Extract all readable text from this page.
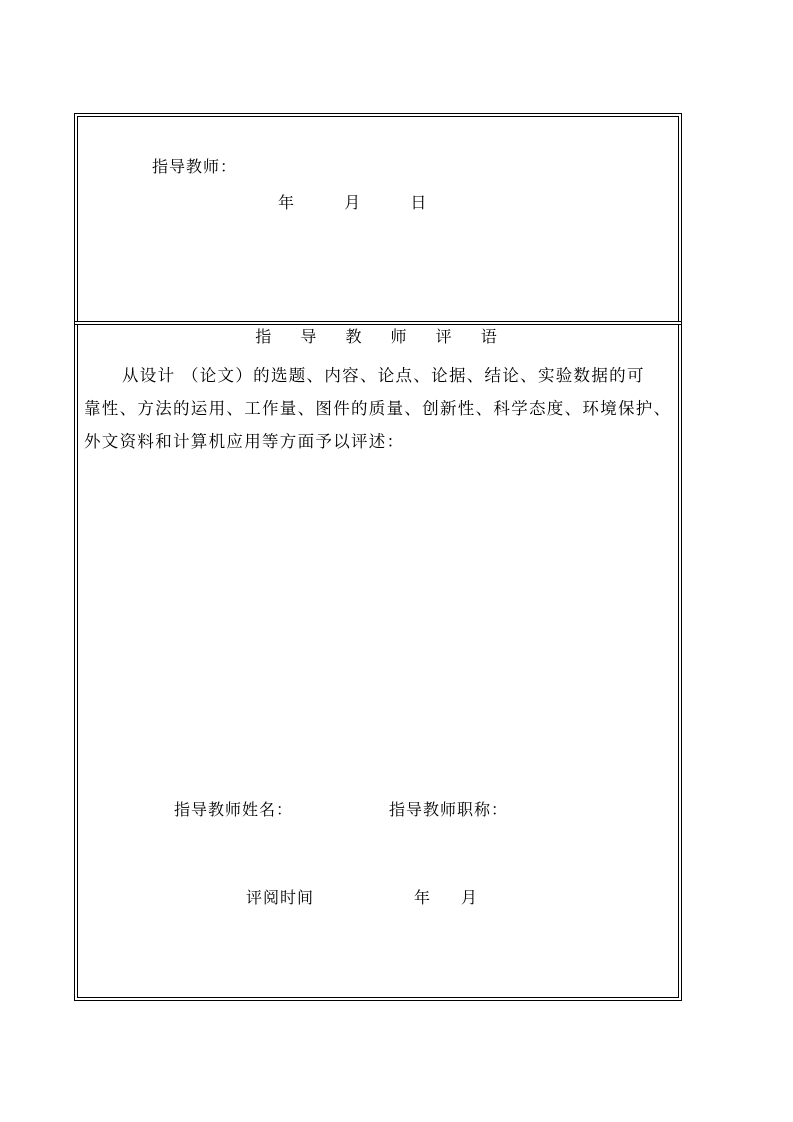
指导教师：
年	月	日
指 导 教 师 评 语
从设计 （论文）的选题、内容、论点、论据、结论、实验数据的可
靠性、方法的运用、工作量、图件的质量、创新性、科学态度、环境保护、
外文资料和计算机应用等方面予以评述：
指导教师姓名：	指导教师职称：
评阅时间	年 月
